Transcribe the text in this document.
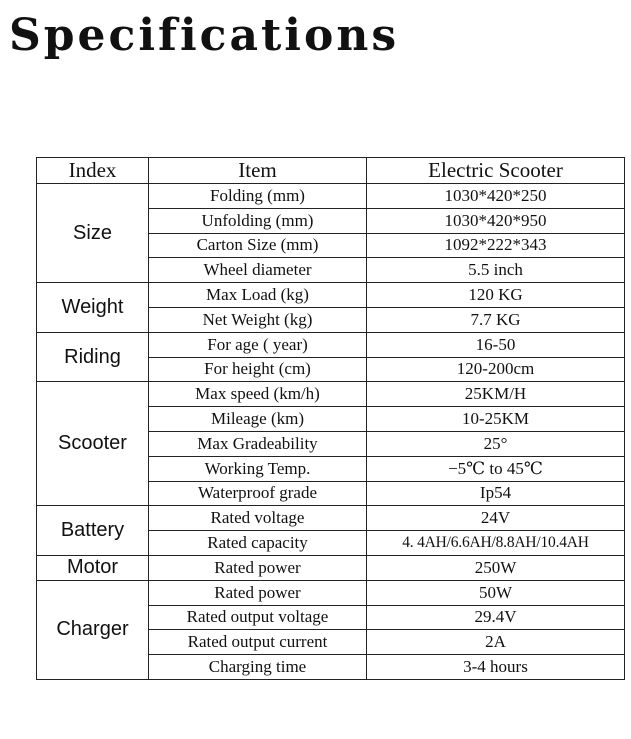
Specifications
Index	Item	Electric Scooter
Size	Folding (mm)	1030*420*250
	Unfolding (mm)	1030*420*950
	Carton Size (mm)	1092*222*343
	Wheel diameter	5.5 inch
Weight	Max Load (kg)	120 KG
	Net Weight (kg)	7.7 KG
Riding	For age ( year)	16-50
	For height (cm)	120-200cm
Scooter	Max speed (km/h)	25KM/H
	Mileage (km)	10-25KM
	Max Gradeability	25°
	Working Temp.	−5℃ to 45℃
	Waterproof grade	Ip54
Battery	Rated voltage	24V
	Rated capacity	4. 4AH/6.6AH/8.8AH/10.4AH
Motor	Rated power	250W
Charger	Rated power	50W
	Rated output voltage	29.4V
	Rated output current	2A
	Charging time	3-4 hours
